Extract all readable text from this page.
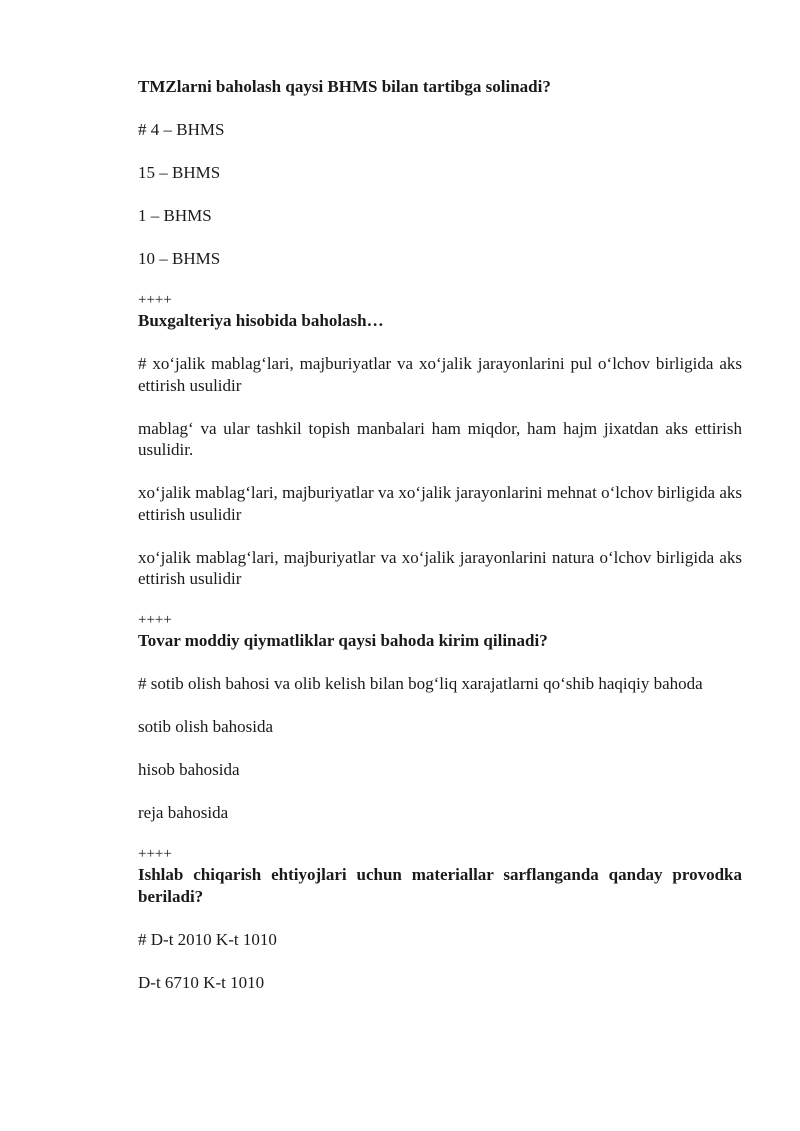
TMZlarni baholash qaysi BHMS bilan tartibga solinadi?

# 4 – BHMS

15 – BHMS

1 – BHMS

10 – BHMS

++++

Buxgalteriya hisobida baholash…

# xo‘jalik mablag‘lari, majburiyatlar va xo‘jalik jarayonlarini pul o‘lchov birligida aks ettirish usulidir

mablag‘ va ular tashkil topish manbalari ham miqdor, ham hajm jixatdan aks ettirish usulidir.

xo‘jalik mablag‘lari, majburiyatlar va xo‘jalik jarayonlarini mehnat o‘lchov birligida aks ettirish usulidir

xo‘jalik mablag‘lari, majburiyatlar va xo‘jalik jarayonlarini natura o‘lchov birligida aks ettirish usulidir

++++

Tovar moddiy qiymatliklar qaysi bahoda kirim qilinadi?

# sotib olish bahosi va olib kelish bilan bog‘liq xarajatlarni qo‘shib haqiqiy bahoda

sotib olish bahosida

hisob bahosida

reja bahosida

++++

Ishlab chiqarish ehtiyojlari uchun materiallar sarflanganda qanday provodka beriladi?

# D-t 2010 K-t 1010

D-t 6710 K-t 1010
